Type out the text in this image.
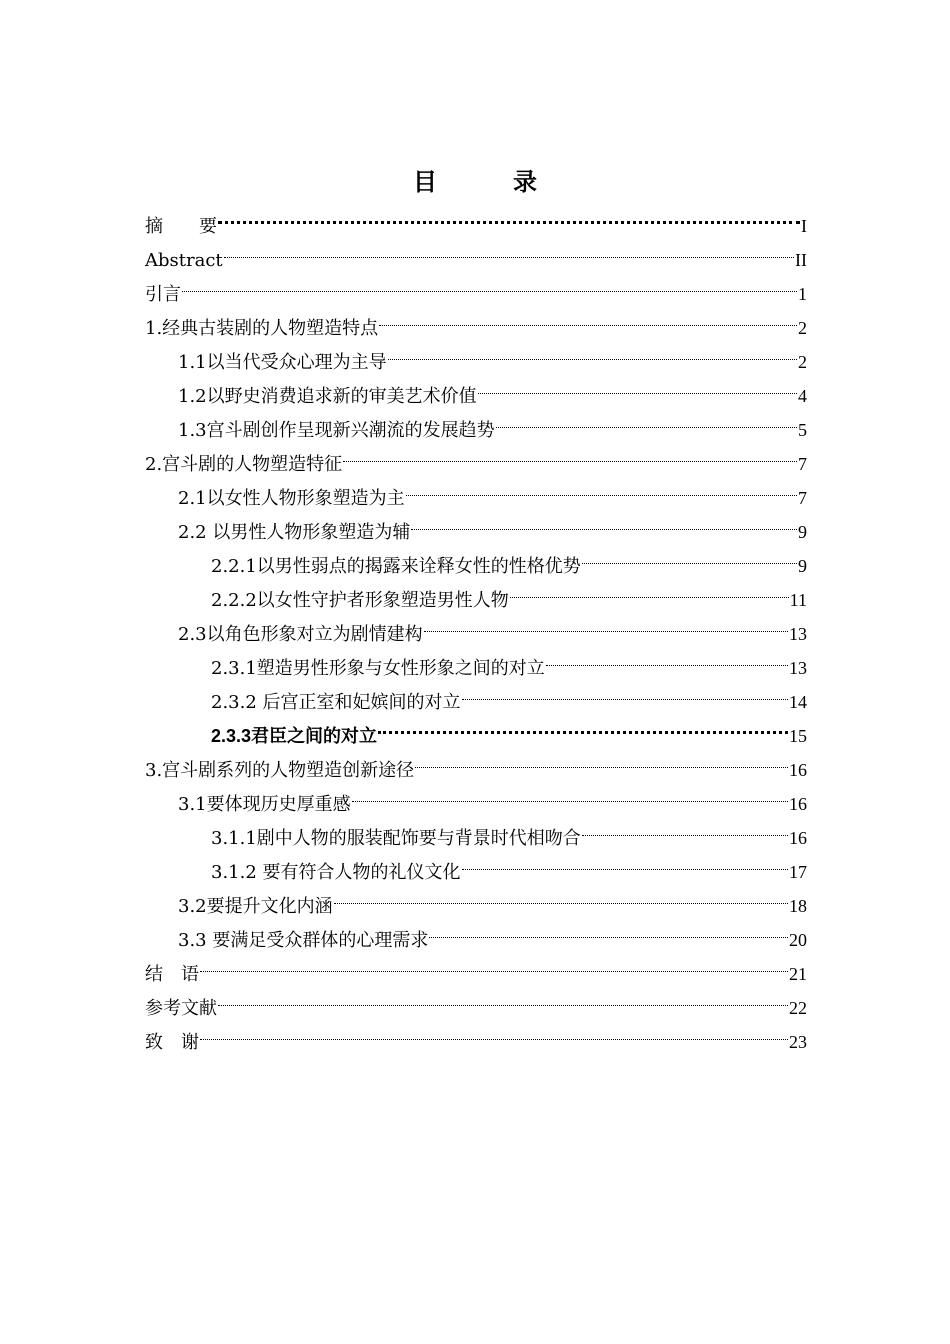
目　录
摘　　要	I
Abstract	II
引言	1
1.经典古装剧的人物塑造特点	2
1.1以当代受众心理为主导	2
1.2以野史消费追求新的审美艺术价值	4
1.3宫斗剧创作呈现新兴潮流的发展趋势	5
2.宫斗剧的人物塑造特征	7
2.1以女性人物形象塑造为主	7
2.2 以男性人物形象塑造为辅	9
2.2.1以男性弱点的揭露来诠释女性的性格优势	9
2.2.2以女性守护者形象塑造男性人物	11
2.3以角色形象对立为剧情建构	13
2.3.1塑造男性形象与女性形象之间的对立	13
2.3.2 后宫正室和妃嫔间的对立	14
2.3.3君臣之间的对立	15
3.宫斗剧系列的人物塑造创新途径	16
3.1要体现历史厚重感	16
3.1.1剧中人物的服装配饰要与背景时代相吻合	16
3.1.2 要有符合人物的礼仪文化	17
3.2要提升文化内涵	18
3.3 要满足受众群体的心理需求	20
结　语	21
参考文献	22
致　谢	23
